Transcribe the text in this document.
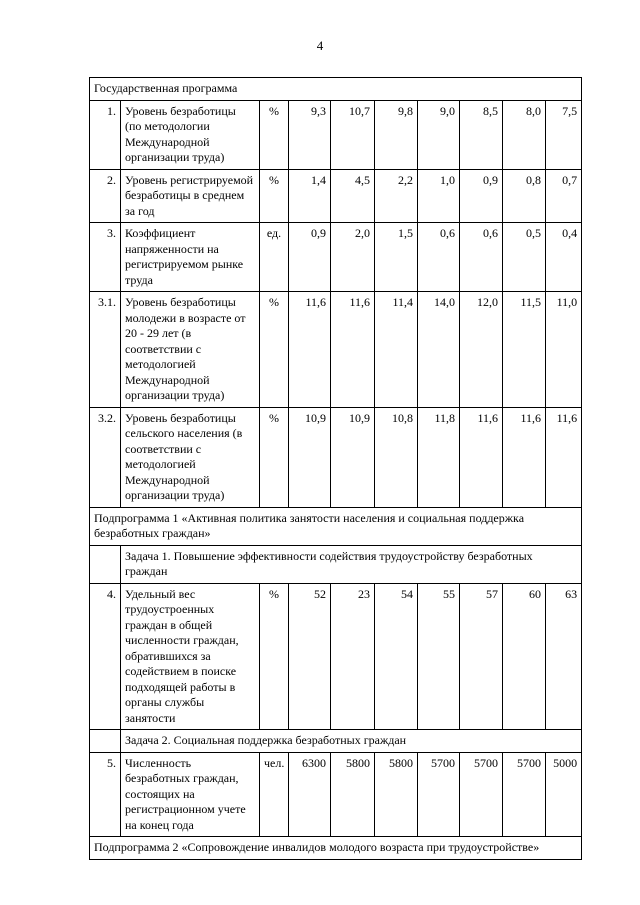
4
Государственная программа									
1.	Уровень безработицы (по методологии Международной организации труда)	%	9,3	10,7	9,8	9,0	8,5	8,0	7,5
2.	Уровень регистрируемой безработицы в среднем за год	%	1,4	4,5	2,2	1,0	0,9	0,8	0,7
3.	Коэффициент напряженности на регистрируемом рынке труда	ед.	0,9	2,0	1,5	0,6	0,6	0,5	0,4
3.1.	Уровень безработицы молодежи в возрасте от 20 - 29 лет (в соответствии с методологией Международной организации труда)	%	11,6	11,6	11,4	14,0	12,0	11,5	11,0
3.2.	Уровень безработицы сельского населения (в соответствии с методологией Международной организации труда)	%	10,9	10,9	10,8	11,8	11,6	11,6	11,6
Подпрограмма 1 «Активная политика занятости населения и социальная поддержка безработных граждан»									
	Задача 1. Повышение эффективности содействия трудоустройству безработных граждан								
4.	Удельный вес трудоустроенных граждан в общей численности граждан, обратившихся за содействием в поиске подходящей работы в органы службы занятости	%	52	23	54	55	57	60	63
	Задача 2. Социальная поддержка безработных граждан								
5.	Численность безработных граждан, состоящих на регистрационном учете на конец года	чел.	6300	5800	5800	5700	5700	5700	5000
Подпрограмма 2 «Сопровождение инвалидов молодого возраста при трудоустройстве»									
